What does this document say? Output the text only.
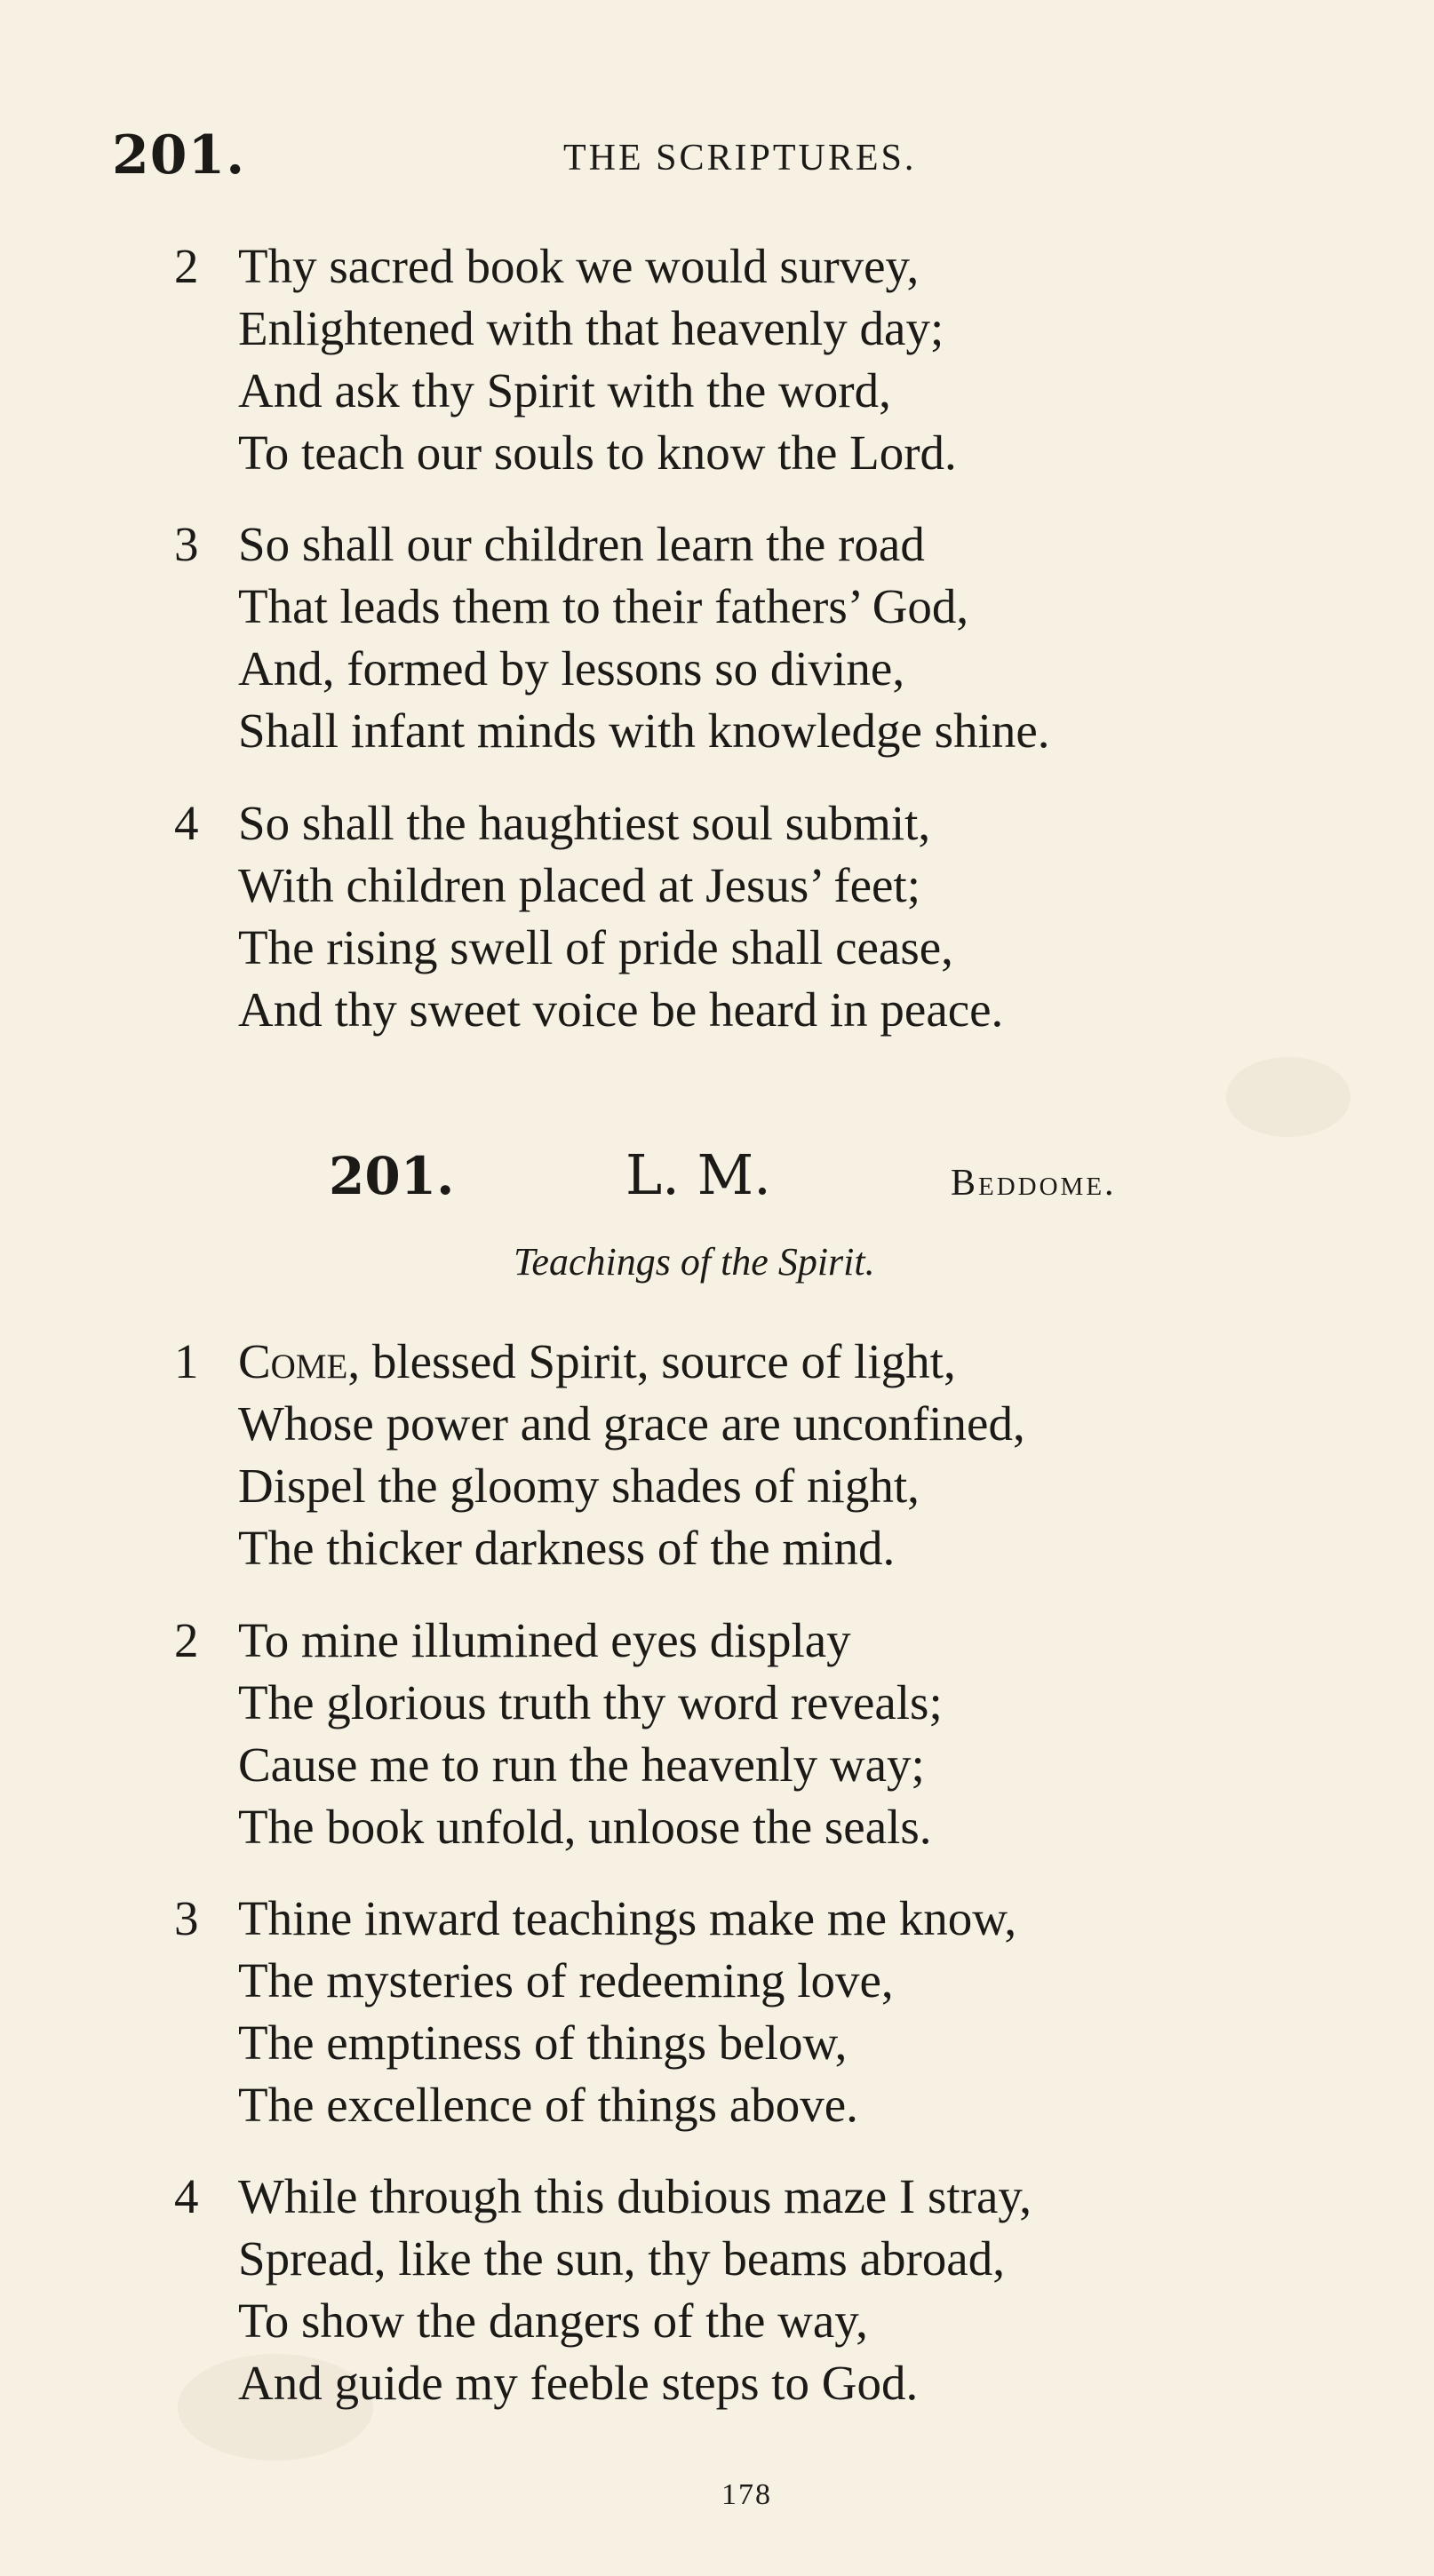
201.	THE SCRIPTURES.
2 Thy sacred book we would survey,
Enlightened with that heavenly day;
And ask thy Spirit with the word,
To teach our souls to know the Lord.
3 So shall our children learn the road
That leads them to their fathers’ God,
And, formed by lessons so divine,
Shall infant minds with knowledge shine.
4 So shall the haughtiest soul submit,
With children placed at Jesus’ feet;
The rising swell of pride shall cease,
And thy sweet voice be heard in peace.
201.	L. M.	Beddome.
Teachings of the Spirit.
1 Come, blessed Spirit, source of light,
Whose power and grace are unconfined,
Dispel the gloomy shades of night,
The thicker darkness of the mind.
2 To mine illumined eyes display
The glorious truth thy word reveals;
Cause me to run the heavenly way;
The book unfold, unloose the seals.
3 Thine inward teachings make me know,
The mysteries of redeeming love,
The emptiness of things below,
The excellence of things above.
4 While through this dubious maze I stray,
Spread, like the sun, thy beams abroad,
To show the dangers of the way,
And guide my feeble steps to God.
178
